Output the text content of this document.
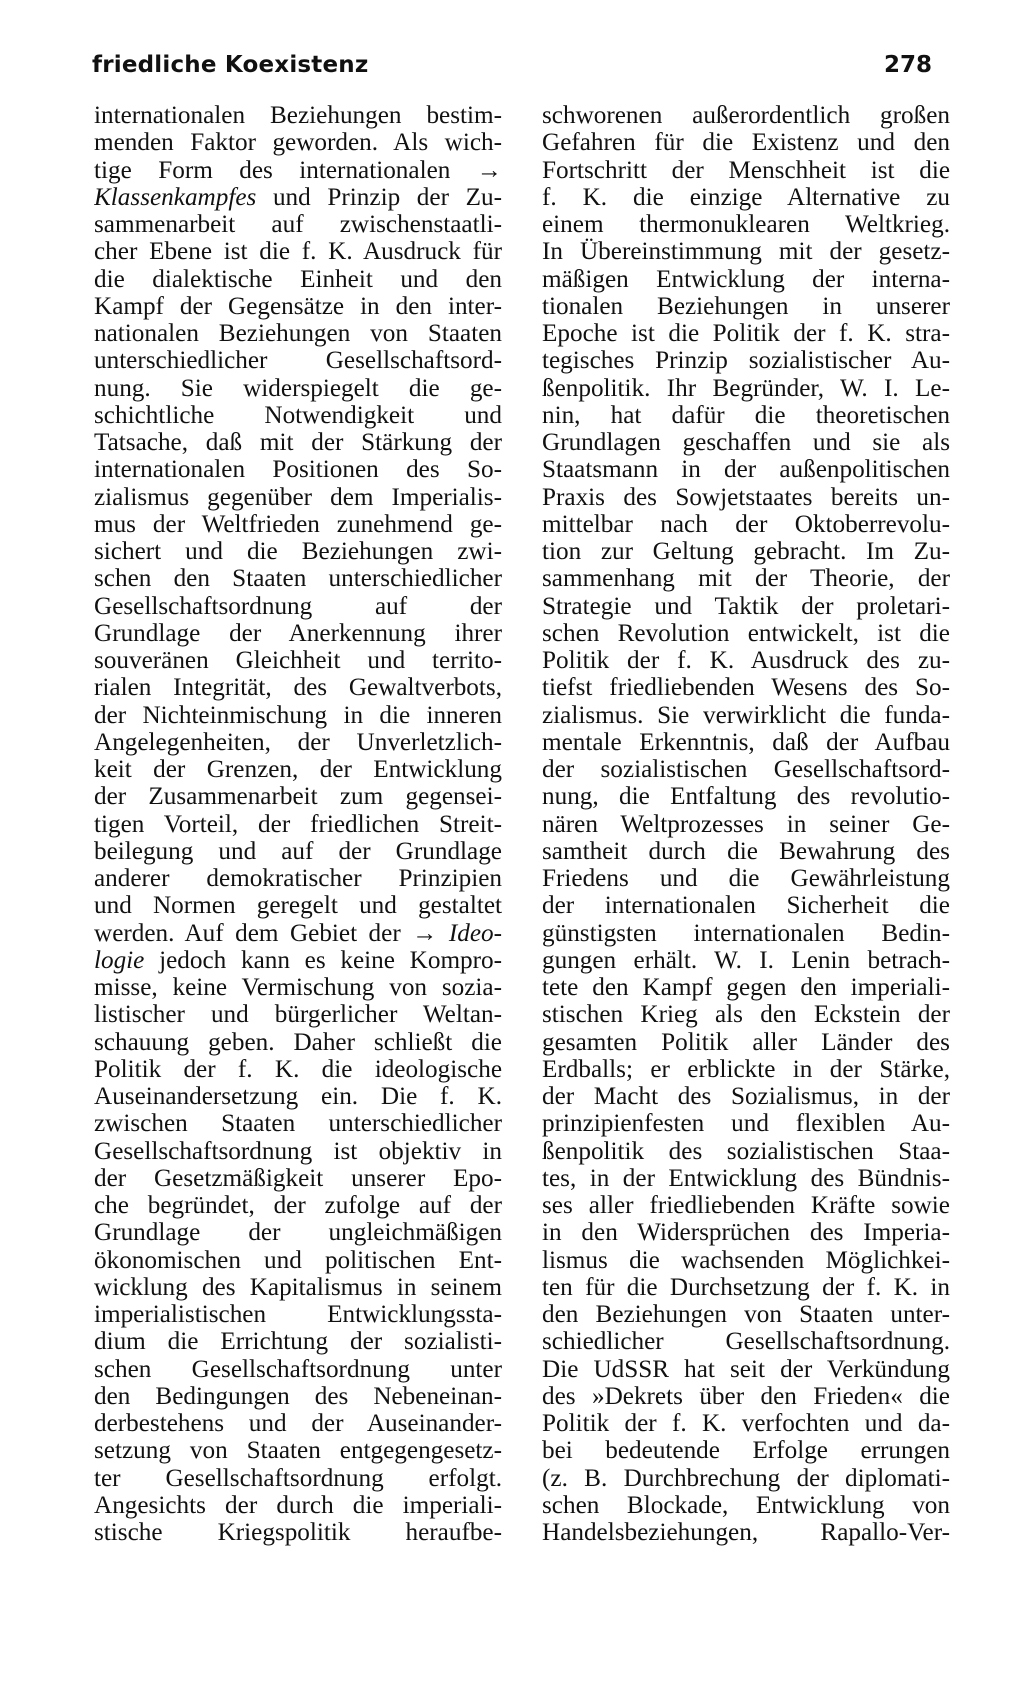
friedliche Koexistenz	278
internationalen Beziehungen bestim-
menden Faktor geworden. Als wich-
tige Form des internationalen →
Klassenkampfes und Prinzip der Zu-
sammenarbeit auf zwischenstaatli-
cher Ebene ist die f. K. Ausdruck für
die dialektische Einheit und den
Kampf der Gegensätze in den inter-
nationalen Beziehungen von Staaten
unterschiedlicher Gesellschaftsord-
nung. Sie widerspiegelt die ge-
schichtliche Notwendigkeit und
Tatsache, daß mit der Stärkung der
internationalen Positionen des So-
zialismus gegenüber dem Imperialis-
mus der Weltfrieden zunehmend ge-
sichert und die Beziehungen zwi-
schen den Staaten unterschiedlicher
Gesellschaftsordnung auf der
Grundlage der Anerkennung ihrer
souveränen Gleichheit und territo-
rialen Integrität, des Gewaltverbots,
der Nichteinmischung in die inneren
Angelegenheiten, der Unverletzlich-
keit der Grenzen, der Entwicklung
der Zusammenarbeit zum gegensei-
tigen Vorteil, der friedlichen Streit-
beilegung und auf der Grundlage
anderer demokratischer Prinzipien
und Normen geregelt und gestaltet
werden. Auf dem Gebiet der → Ideo-
logie jedoch kann es keine Kompro-
misse, keine Vermischung von sozia-
listischer und bürgerlicher Weltan-
schauung geben. Daher schließt die
Politik der f. K. die ideologische
Auseinandersetzung ein. Die f. K.
zwischen Staaten unterschiedlicher
Gesellschaftsordnung ist objektiv in
der Gesetzmäßigkeit unserer Epo-
che begründet, der zufolge auf der
Grundlage der ungleichmäßigen
ökonomischen und politischen Ent-
wicklung des Kapitalismus in seinem
imperialistischen Entwicklungssta-
dium die Errichtung der sozialisti-
schen Gesellschaftsordnung unter
den Bedingungen des Nebeneinan-
derbestehens und der Auseinander-
setzung von Staaten entgegengesetz-
ter Gesellschaftsordnung erfolgt.
Angesichts der durch die imperiali-
stische Kriegspolitik heraufbe-
schworenen außerordentlich großen
Gefahren für die Existenz und den
Fortschritt der Menschheit ist die
f. K. die einzige Alternative zu
einem thermonuklearen Weltkrieg.
In Übereinstimmung mit der gesetz-
mäßigen Entwicklung der interna-
tionalen Beziehungen in unserer
Epoche ist die Politik der f. K. stra-
tegisches Prinzip sozialistischer Au-
ßenpolitik. Ihr Begründer, W. I. Le-
nin, hat dafür die theoretischen
Grundlagen geschaffen und sie als
Staatsmann in der außenpolitischen
Praxis des Sowjetstaates bereits un-
mittelbar nach der Oktoberrevolu-
tion zur Geltung gebracht. Im Zu-
sammenhang mit der Theorie, der
Strategie und Taktik der proletari-
schen Revolution entwickelt, ist die
Politik der f. K. Ausdruck des zu-
tiefst friedliebenden Wesens des So-
zialismus. Sie verwirklicht die funda-
mentale Erkenntnis, daß der Aufbau
der sozialistischen Gesellschaftsord-
nung, die Entfaltung des revolutio-
nären Weltprozesses in seiner Ge-
samtheit durch die Bewahrung des
Friedens und die Gewährleistung
der internationalen Sicherheit die
günstigsten internationalen Bedin-
gungen erhält. W. I. Lenin betrach-
tete den Kampf gegen den imperiali-
stischen Krieg als den Eckstein der
gesamten Politik aller Länder des
Erdballs; er erblickte in der Stärke,
der Macht des Sozialismus, in der
prinzipienfesten und flexiblen Au-
ßenpolitik des sozialistischen Staa-
tes, in der Entwicklung des Bündnis-
ses aller friedliebenden Kräfte sowie
in den Widersprüchen des Imperia-
lismus die wachsenden Möglichkei-
ten für die Durchsetzung der f. K. in
den Beziehungen von Staaten unter-
schiedlicher Gesellschaftsordnung.
Die UdSSR hat seit der Verkündung
des »Dekrets über den Frieden« die
Politik der f. K. verfochten und da-
bei bedeutende Erfolge errungen
(z. B. Durchbrechung der diplomati-
schen Blockade, Entwicklung von
Handelsbeziehungen, Rapallo-Ver-
